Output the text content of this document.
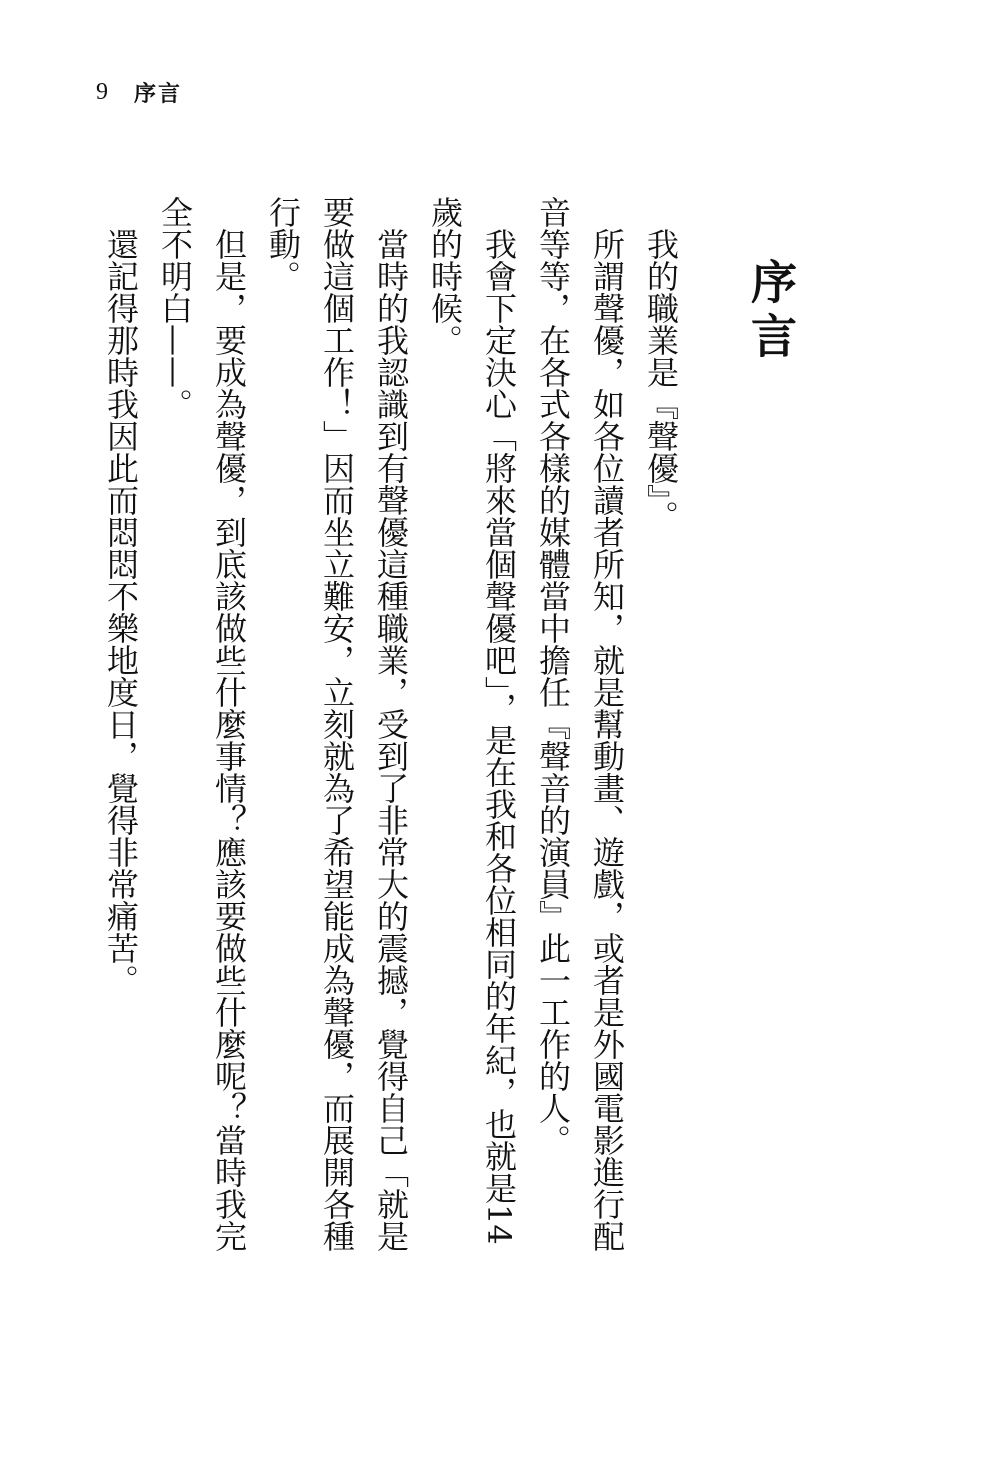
9 序言
序言

我的職業是『聲優』。

所謂聲優，如各位讀者所知，就是幫動畫、遊戲，或者是外國電影進行配音等等，在各式各樣的媒體當中擔任『聲音的演員』此一工作的人。

我會下定決心「將來當個聲優吧」，是在我和各位相同的年紀，也就是14歲的時候。

當時的我認識到有聲優這種職業，受到了非常大的震撼，覺得自己「就是要做這個工作！」因而坐立難安，立刻就為了希望能成為聲優，而展開各種行動。

但是，要成為聲優，到底該做些什麼事情？應該要做些什麼呢？當時我完全不明白——。

還記得那時我因此而悶悶不樂地度日，覺得非常痛苦。
